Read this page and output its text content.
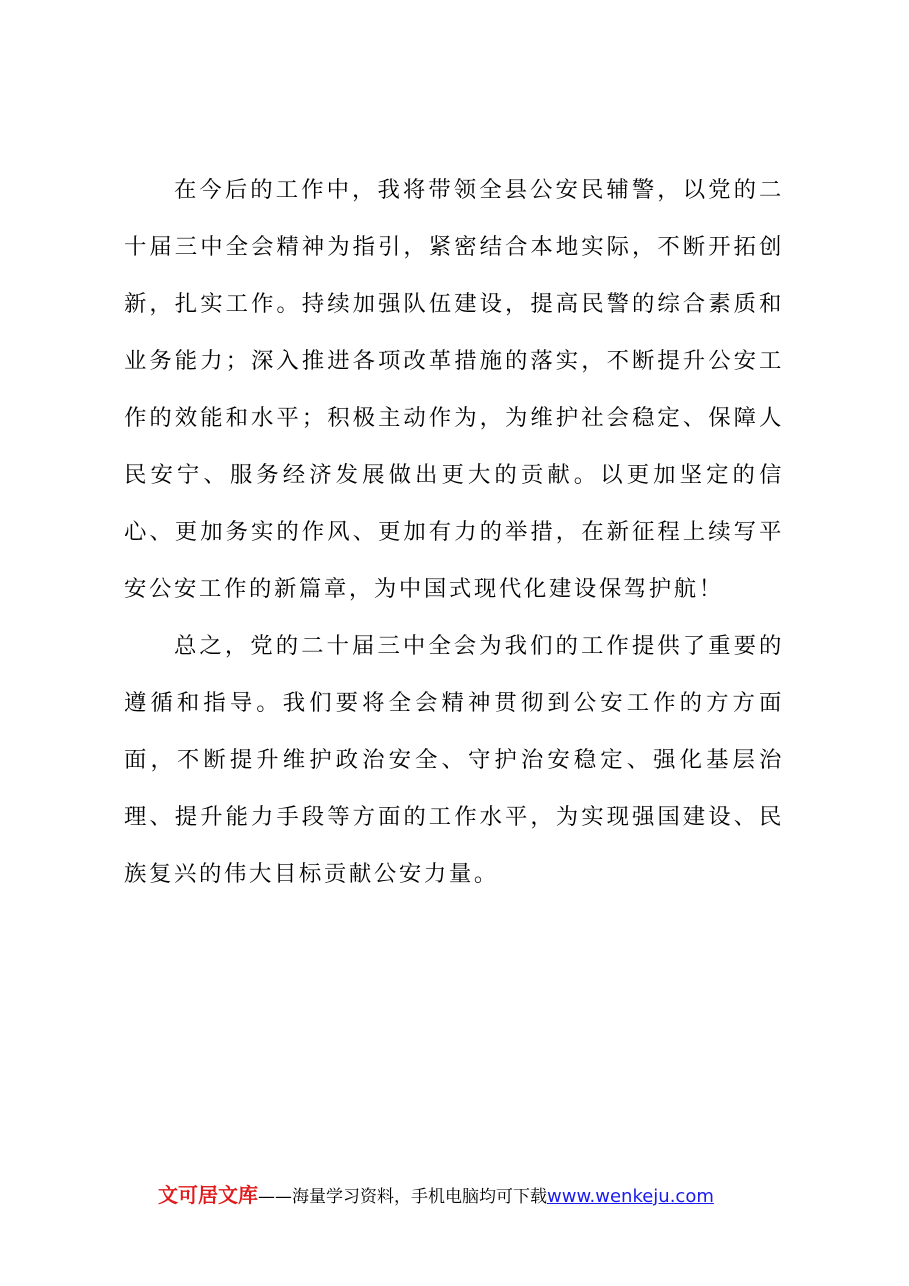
在今后的工作中，我将带领全县公安民辅警，以党的二十届三中全会精神为指引，紧密结合本地实际，不断开拓创新，扎实工作。持续加强队伍建设，提高民警的综合素质和业务能力；深入推进各项改革措施的落实，不断提升公安工作的效能和水平；积极主动作为，为维护社会稳定、保障人民安宁、服务经济发展做出更大的贡献。以更加坚定的信心、更加务实的作风、更加有力的举措，在新征程上续写平安公安工作的新篇章，为中国式现代化建设保驾护航！

总之，党的二十届三中全会为我们的工作提供了重要的遵循和指导。我们要将全会精神贯彻到公安工作的方方面面，不断提升维护政治安全、守护治安稳定、强化基层治理、提升能力手段等方面的工作水平，为实现强国建设、民族复兴的伟大目标贡献公安力量。

文可居文库——海量学习资料，手机电脑均可下载www.wenkeju.com
